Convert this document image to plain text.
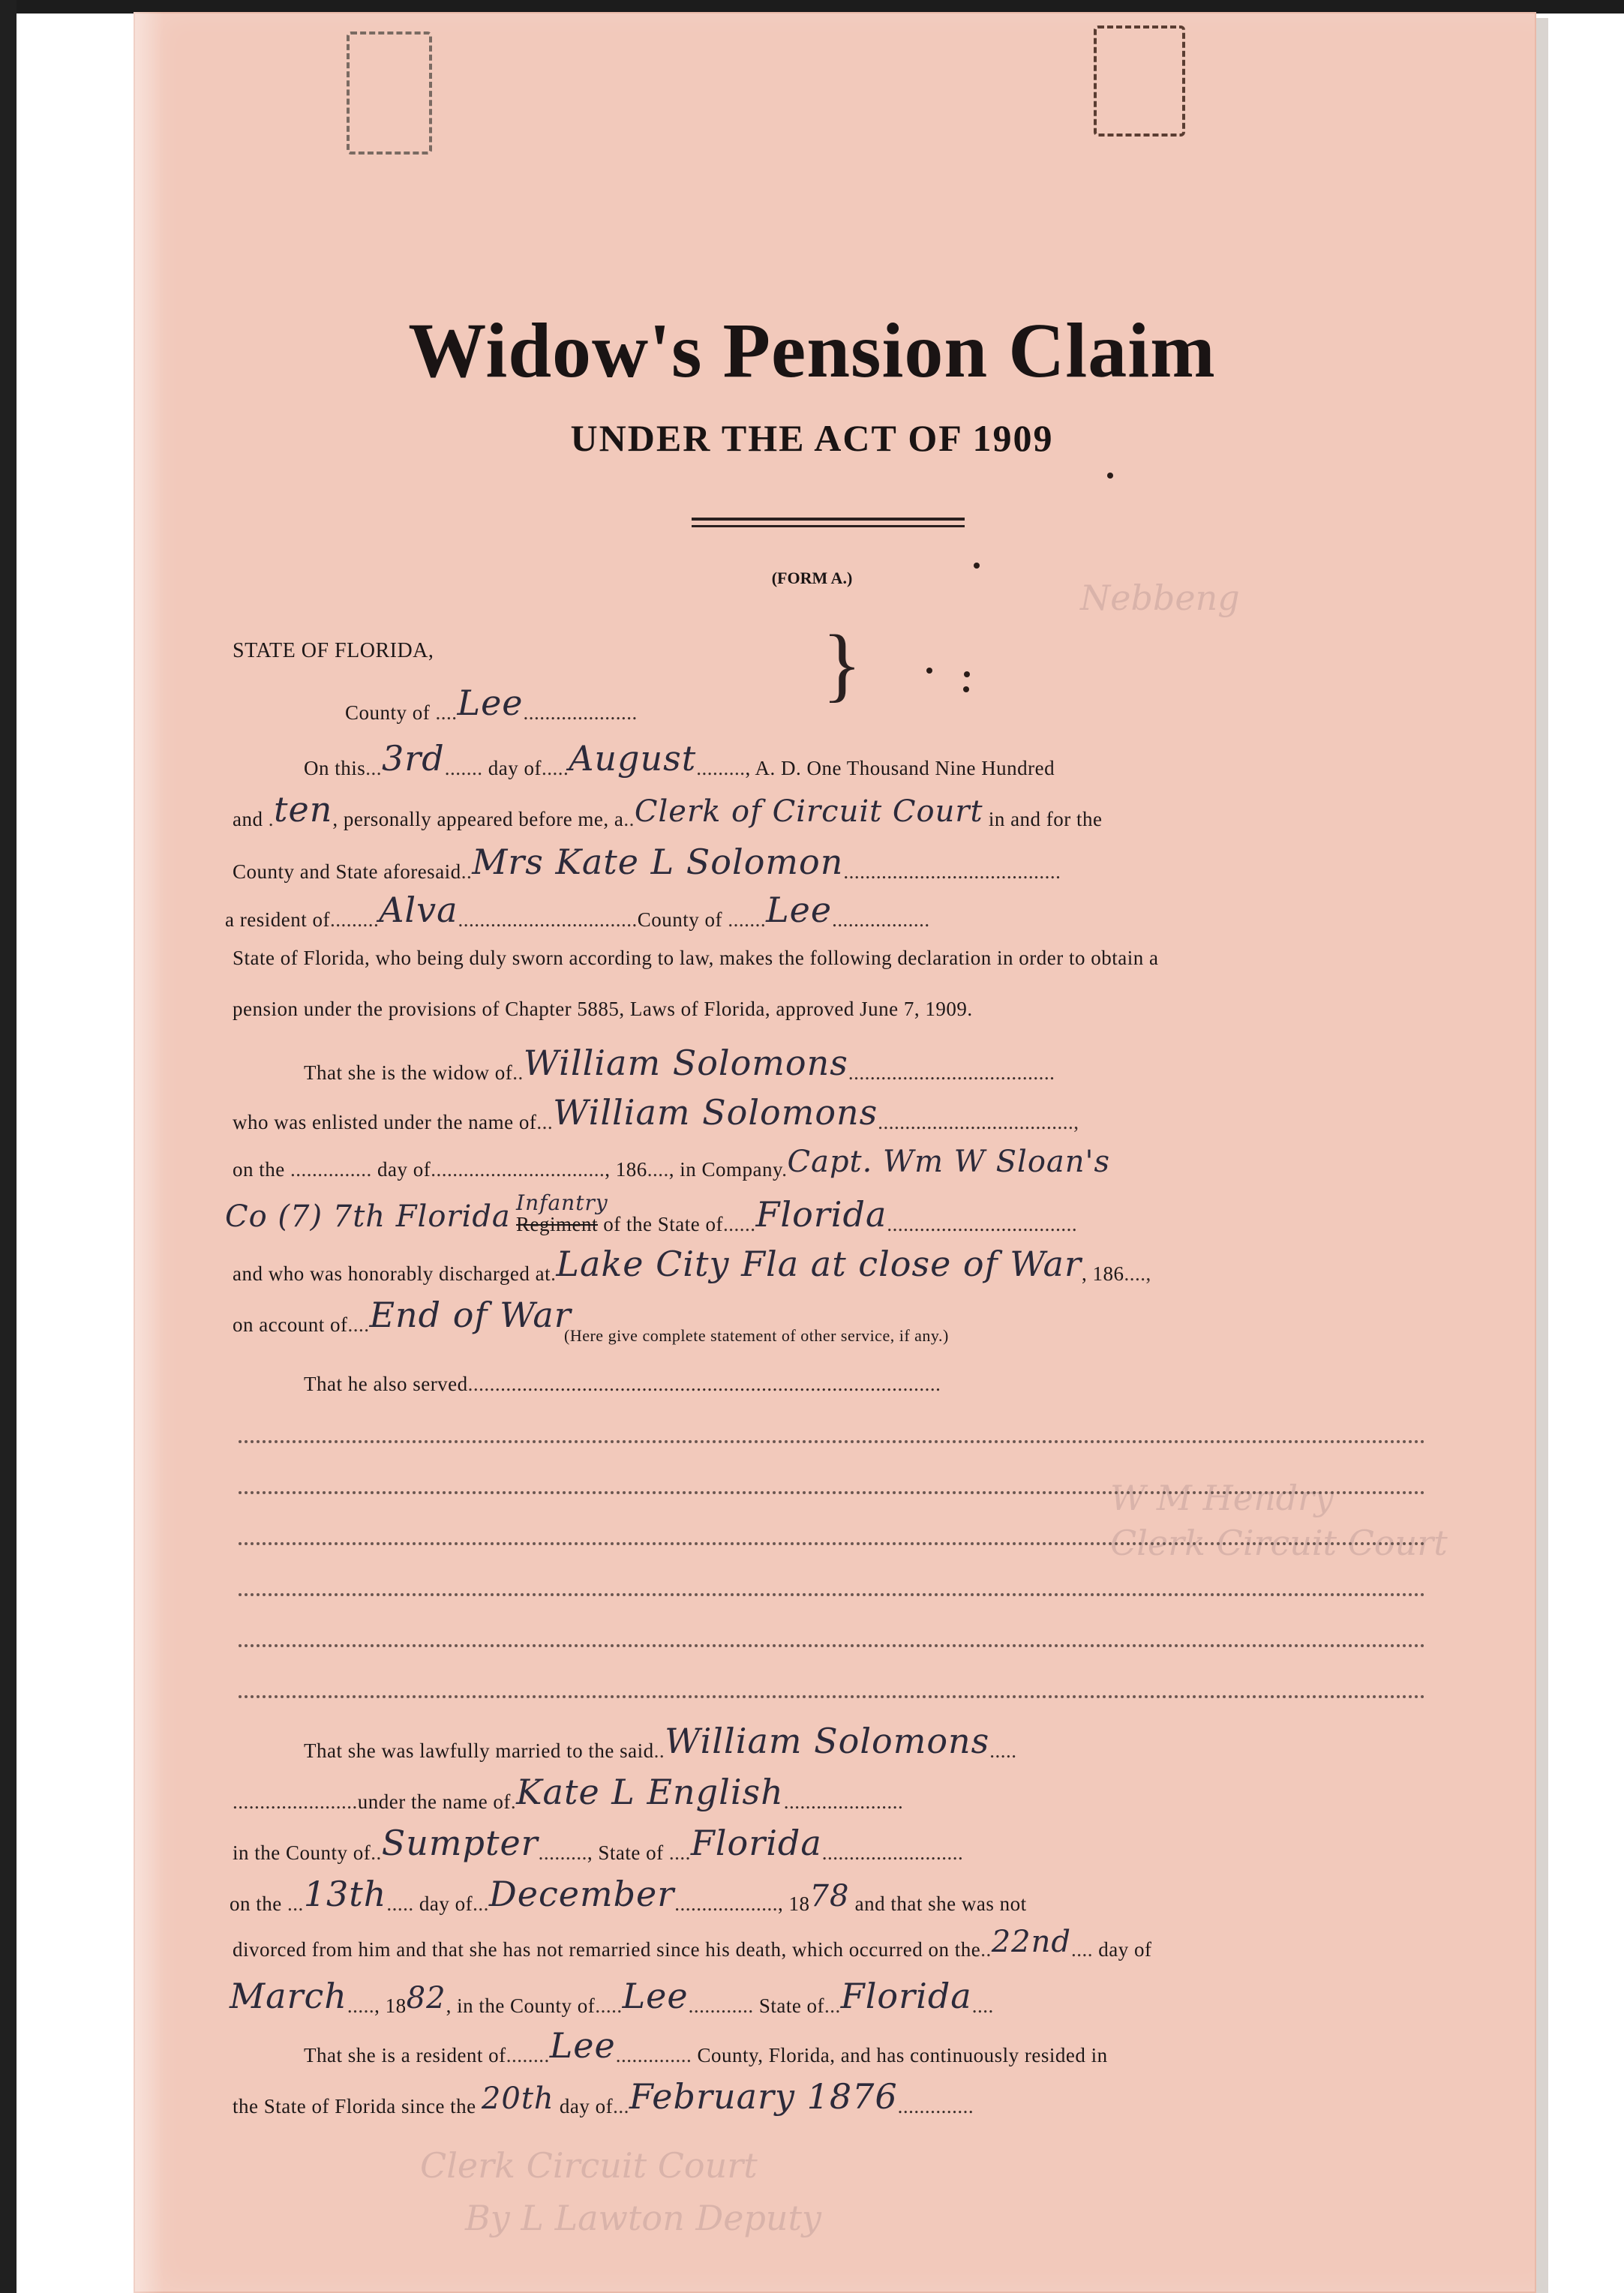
Nebbeng
W M Hendry
Clerk Circuit Court
Clerk Circuit Court
By L Lawton Deputy
Widow's Pension Claim
UNDER THE ACT OF 1909
(FORM A.)
STATE OF FLORIDA,
County of ....Lee.....................
}
On this...3rd....... day of.....August........., A. D. One Thousand Nine Hundred
and .ten, personally appeared before me, a..Clerk of Circuit Court in and for the
County and State aforesaid..Mrs Kate L Solomon........................................
a resident of.........Alva.................................County of .......Lee..................
State of Florida, who being duly sworn according to law, makes the following declaration in order to obtain a
pension under the provisions of Chapter 5885, Laws of Florida, approved June 7, 1909.
That she is the widow of..William Solomons......................................
who was enlisted under the name of...William Solomons....................................,
on the ............... day of................................, 186...., in Company.Capt. Wm W Sloan's
Co (7) 7th Florida Infantry
Regiment of the State of......Florida...................................
and who was honorably discharged at.Lake City Fla at close of War, 186....,
on account of....End of War
(Here give complete statement of other service, if any.)
That he also served.......................................................................................
That she was lawfully married to the said..William Solomons.....
.......................under the name of.Kate L English......................
in the County of..Sumpter........., State of ....Florida..........................
on the ...13th..... day of...December..................., 1878 and that she was not
divorced from him and that she has not remarried since his death, which occurred on the..22nd.... day of
March....., 1882, in the County of.....Lee............ State of...Florida....
That she is a resident of........Lee.............. County, Florida, and has continuously resided in
the State of Florida since the 20th day of...February 1876..............
